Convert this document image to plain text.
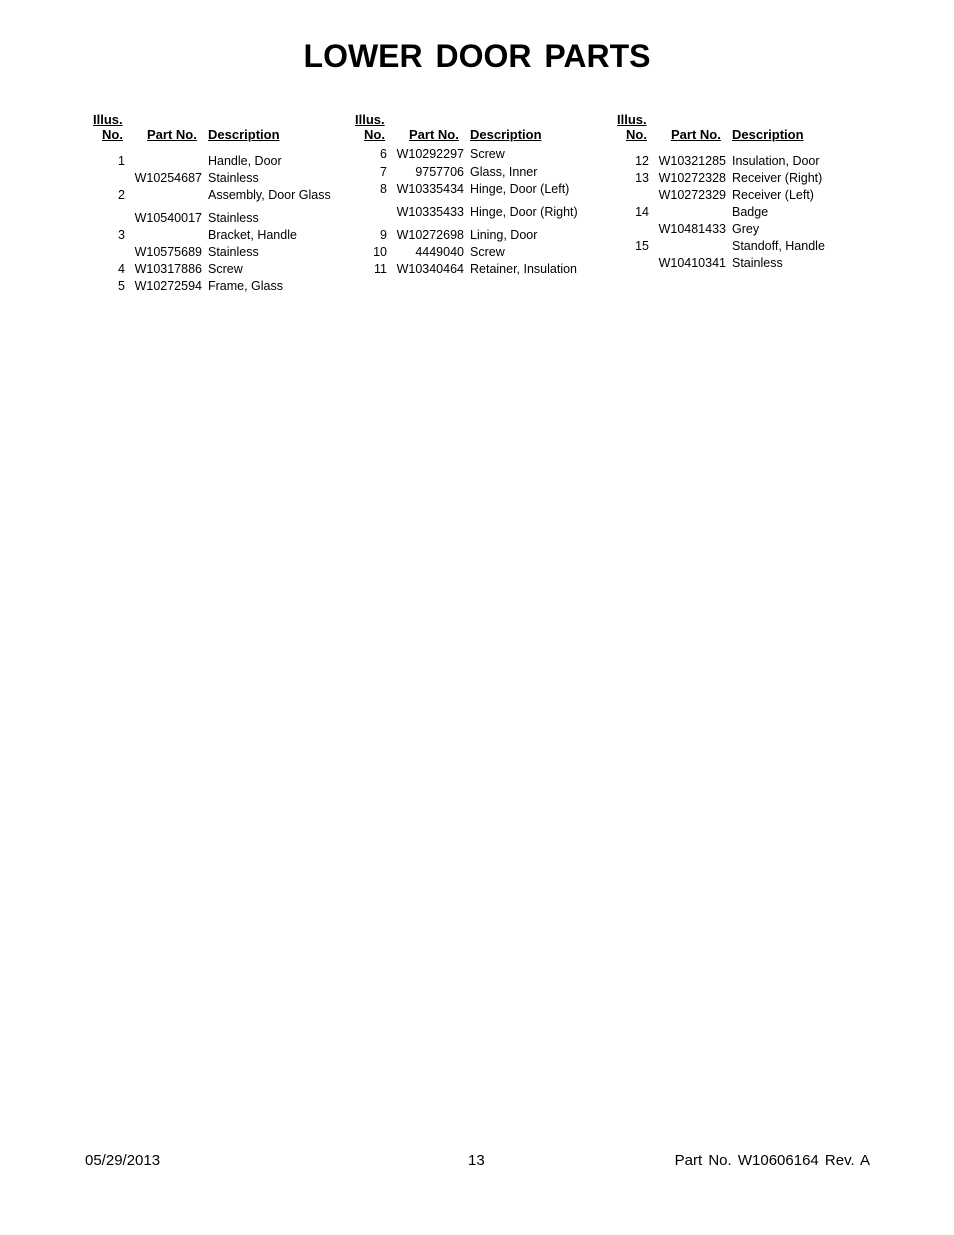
LOWER DOOR PARTS
Illus.
No. Part No. Description
1	Handle, Door
W10254687 Stainless
2	Assembly, Door Glass
W10540017 Stainless
3	Bracket, Handle
W10575689 Stainless
4 W10317886 Screw
5 W10272594 Frame, Glass
Illus.
No. Part No. Description
6 W10292297 Screw
7	9757706 Glass, Inner
8 W10335434 Hinge, Door (Left)
W10335433 Hinge, Door (Right)
9 W10272698 Lining, Door
10	4449040 Screw
11 W10340464 Retainer, Insulation
Illus.
No. Part No. Description
12 W10321285 Insulation, Door
13 W10272328 Receiver (Right)
W10272329 Receiver (Left)
14	Badge
W10481433 Grey
15	Standoff, Handle
W10410341 Stainless
05/29/2013	13	Part No. W10606164 Rev. A
